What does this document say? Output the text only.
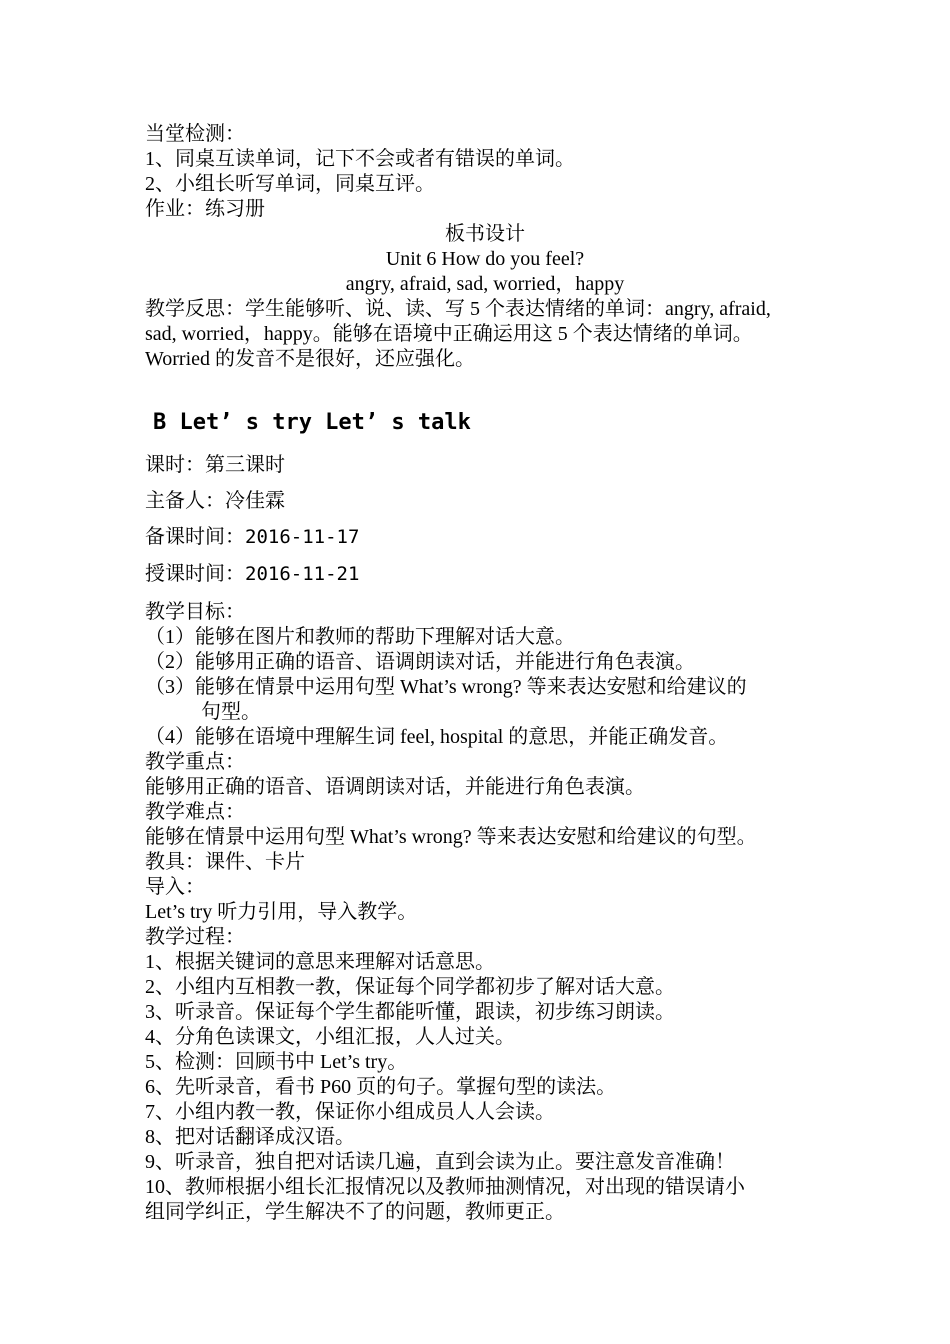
当堂检测：
1、同桌互读单词，记下不会或者有错误的单词。
2、小组长听写单词，同桌互评。
作业：练习册
板书设计
Unit 6 How do you feel?
angry, afraid, sad, worried，happy
教学反思：学生能够听、说、读、写 5 个表达情绪的单词：angry, afraid,
sad, worried，happy。能够在语境中正确运用这 5 个表达情绪的单词。
Worried 的发音不是很好，还应强化。
B Let’ s try Let’ s talk
课时：第三课时
主备人：冷佳霖
备课时间：2016-11-17
授课时间：2016-11-21
教学目标：
（1）能够在图片和教师的帮助下理解对话大意。
（2）能够用正确的语音、语调朗读对话，并能进行角色表演。
（3）能够在情景中运用句型 What’s wrong? 等来表达安慰和给建议的
句型。
（4）能够在语境中理解生词 feel, hospital 的意思，并能正确发音。
教学重点：
能够用正确的语音、语调朗读对话，并能进行角色表演。
教学难点：
能够在情景中运用句型 What’s wrong? 等来表达安慰和给建议的句型。
教具：课件、卡片
导入：
Let’s try 听力引用，导入教学。
教学过程：
1、根据关键词的意思来理解对话意思。
2、小组内互相教一教，保证每个同学都初步了解对话大意。
3、听录音。保证每个学生都能听懂，跟读，初步练习朗读。
4、分角色读课文，小组汇报，人人过关。
5、检测：回顾书中 Let’s try。
6、先听录音，看书 P60 页的句子。掌握句型的读法。
7、小组内教一教，保证你小组成员人人会读。
8、把对话翻译成汉语。
9、听录音，独自把对话读几遍，直到会读为止。要注意发音准确！
10、教师根据小组长汇报情况以及教师抽测情况，对出现的错误请小
组同学纠正，学生解决不了的问题，教师更正。
